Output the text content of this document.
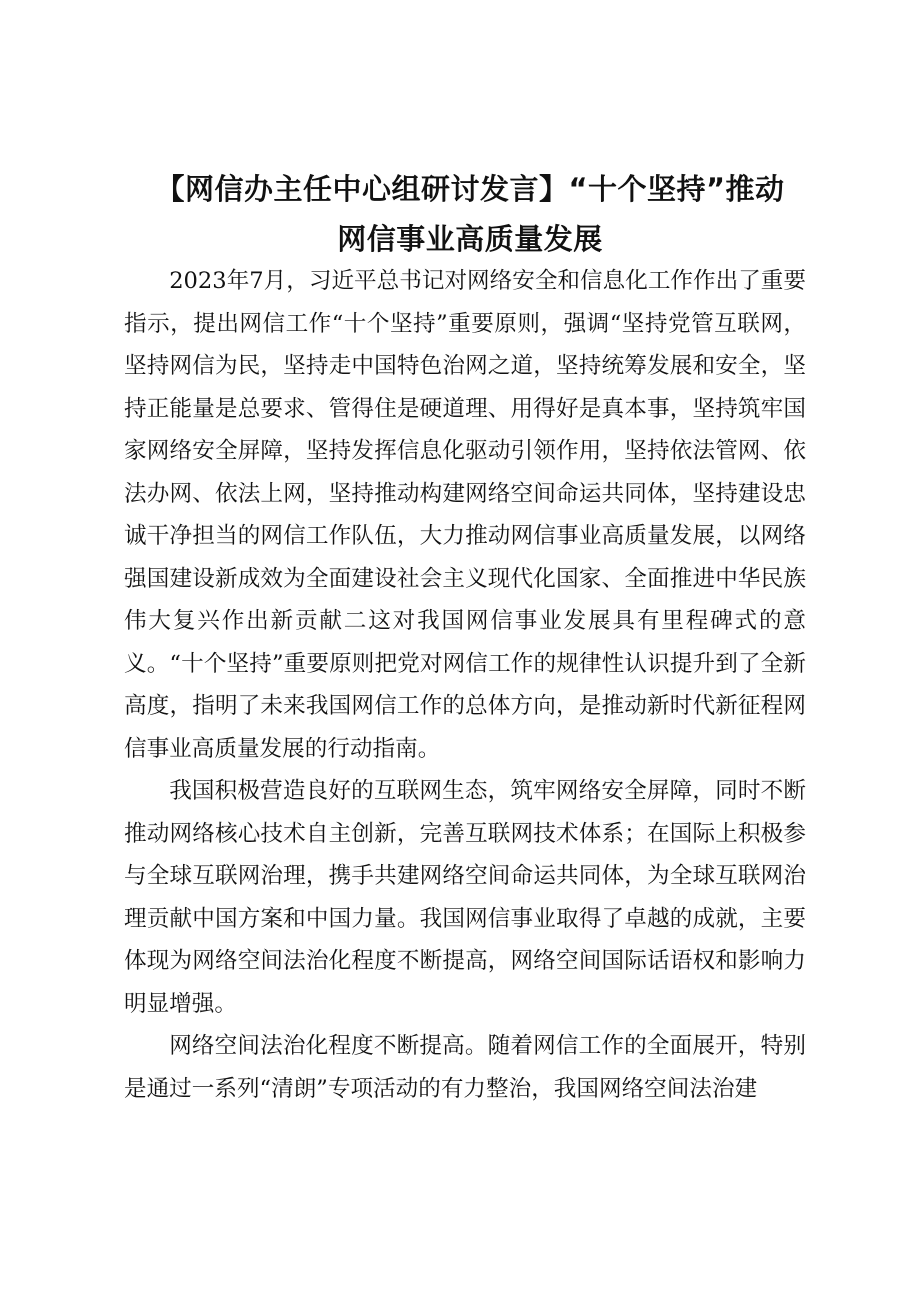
【网信办主任中心组研讨发言】“十个坚持”推动
网信事业高质量发展

2023年7月，习近平总书记对网络安全和信息化工作作出了重要指示，提出网信工作“十个坚持”重要原则，强调“坚持党管互联网，坚持网信为民，坚持走中国特色治网之道，坚持统筹发展和安全，坚持正能量是总要求、管得住是硬道理、用得好是真本事，坚持筑牢国家网络安全屏障，坚持发挥信息化驱动引领作用，坚持依法管网、依法办网、依法上网，坚持推动构建网络空间命运共同体，坚持建设忠诚干净担当的网信工作队伍，大力推动网信事业高质量发展，以网络强国建设新成效为全面建设社会主义现代化国家、全面推进中华民族伟大复兴作出新贡献二这对我国网信事业发展具有里程碑式的意义。“十个坚持”重要原则把党对网信工作的规律性认识提升到了全新高度，指明了未来我国网信工作的总体方向，是推动新时代新征程网信事业高质量发展的行动指南。

我国积极营造良好的互联网生态，筑牢网络安全屏障，同时不断推动网络核心技术自主创新，完善互联网技术体系；在国际上积极参与全球互联网治理，携手共建网络空间命运共同体，为全球互联网治理贡献中国方案和中国力量。我国网信事业取得了卓越的成就，主要体现为网络空间法治化程度不断提高，网络空间国际话语权和影响力明显增强。

网络空间法治化程度不断提高。随着网信工作的全面展开，特别是通过一系列“清朗”专项活动的有力整治，我国网络空间法治建
